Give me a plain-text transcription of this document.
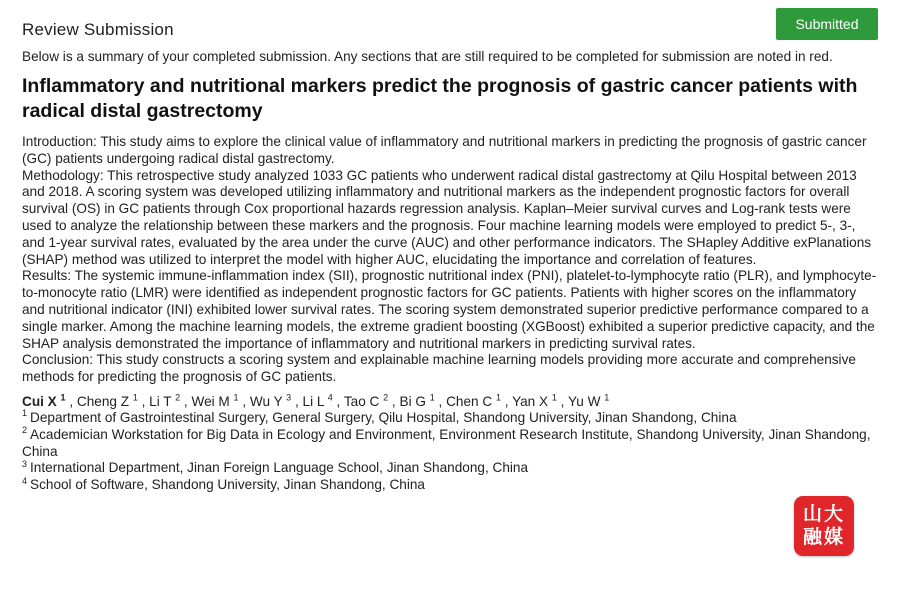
Review Submission	Submitted
Below is a summary of your completed submission. Any sections that are still required to be completed for submission are noted in red.
Inflammatory and nutritional markers predict the prognosis of gastric cancer patients with radical distal gastrectomy

Introduction: This study aims to explore the clinical value of inflammatory and nutritional markers in predicting the prognosis of gastric cancer (GC) patients undergoing radical distal gastrectomy.

Methodology: This retrospective study analyzed 1033 GC patients who underwent radical distal gastrectomy at Qilu Hospital between 2013 and 2018. A scoring system was developed utilizing inflammatory and nutritional markers as the independent prognostic factors for overall survival (OS) in GC patients through Cox proportional hazards regression analysis. Kaplan–Meier survival curves and Log-rank tests were used to analyze the relationship between these markers and the prognosis. Four machine learning models were employed to predict 5-, 3-, and 1-year survival rates, evaluated by the area under the curve (AUC) and other performance indicators. The SHapley Additive exPlanations (SHAP) method was utilized to interpret the model with higher AUC, elucidating the importance and correlation of features.

Results: The systemic immune-inflammation index (SII), prognostic nutritional index (PNI), platelet-to-lymphocyte ratio (PLR), and lymphocyte-to-monocyte ratio (LMR) were identified as independent prognostic factors for GC patients. Patients with higher scores on the inflammatory and nutritional indicator (INI) exhibited lower survival rates. The scoring system demonstrated superior predictive performance compared to a single marker. Among the machine learning models, the extreme gradient boosting (XGBoost) exhibited a superior predictive capacity, and the SHAP analysis demonstrated the importance of inflammatory and nutritional markers in predicting survival rates.

Conclusion: This study constructs a scoring system and explainable machine learning models providing more accurate and comprehensive methods for predicting the prognosis of GC patients.

Cui X $^1$ , Cheng Z $^1$ , Li T $^2$ , Wei M $^1$ , Wu Y $^3$ , Li L $^4$ , Tao C $^2$ , Bi G $^1$ , Chen C $^1$ , Yan X $^1$ , Yu W $^1$
$^1$ Department of Gastrointestinal Surgery, General Surgery, Qilu Hospital, Shandong University, Jinan Shandong, China
$^2$ Academician Workstation for Big Data in Ecology and Environment, Environment Research Institute, Shandong University, Jinan Shandong, China
$^3$ International Department, Jinan Foreign Language School, Jinan Shandong, China
$^4$ School of Software, Shandong University, Jinan Shandong, China
山大
融媒
